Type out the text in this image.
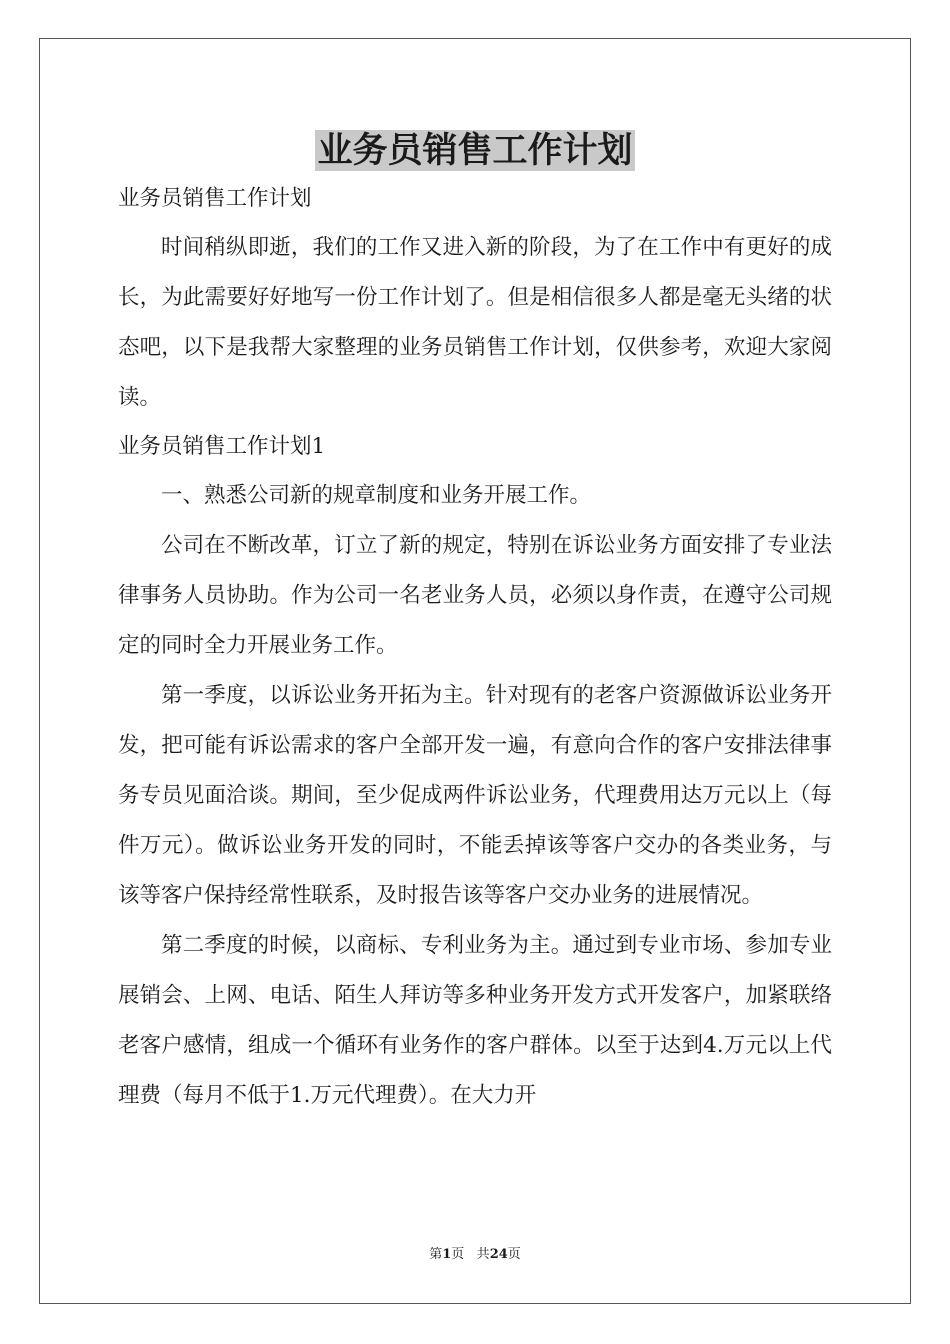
业务员销售工作计划

业务员销售工作计划

时间稍纵即逝，我们的工作又进入新的阶段，为了在工作中有更好的成长，为此需要好好地写一份工作计划了。但是相信很多人都是毫无头绪的状态吧，以下是我帮大家整理的业务员销售工作计划，仅供参考，欢迎大家阅读。

业务员销售工作计划1

一、熟悉公司新的规章制度和业务开展工作。

公司在不断改革，订立了新的规定，特别在诉讼业务方面安排了专业法律事务人员协助。作为公司一名老业务人员，必须以身作责，在遵守公司规定的同时全力开展业务工作。

第一季度，以诉讼业务开拓为主。针对现有的老客户资源做诉讼业务开发，把可能有诉讼需求的客户全部开发一遍，有意向合作的客户安排法律事务专员见面洽谈。期间，至少促成两件诉讼业务，代理费用达万元以上（每件万元）。做诉讼业务开发的同时，不能丢掉该等客户交办的各类业务，与该等客户保持经常性联系，及时报告该等客户交办业务的进展情况。

第二季度的时候，以商标、专利业务为主。通过到专业市场、参加专业展销会、上网、电话、陌生人拜访等多种业务开发方式开发客户，加紧联络老客户感情，组成一个循环有业务作的客户群体。以至于达到4.万元以上代理费（每月不低于1.万元代理费）。在大力开

第1页 共24页
